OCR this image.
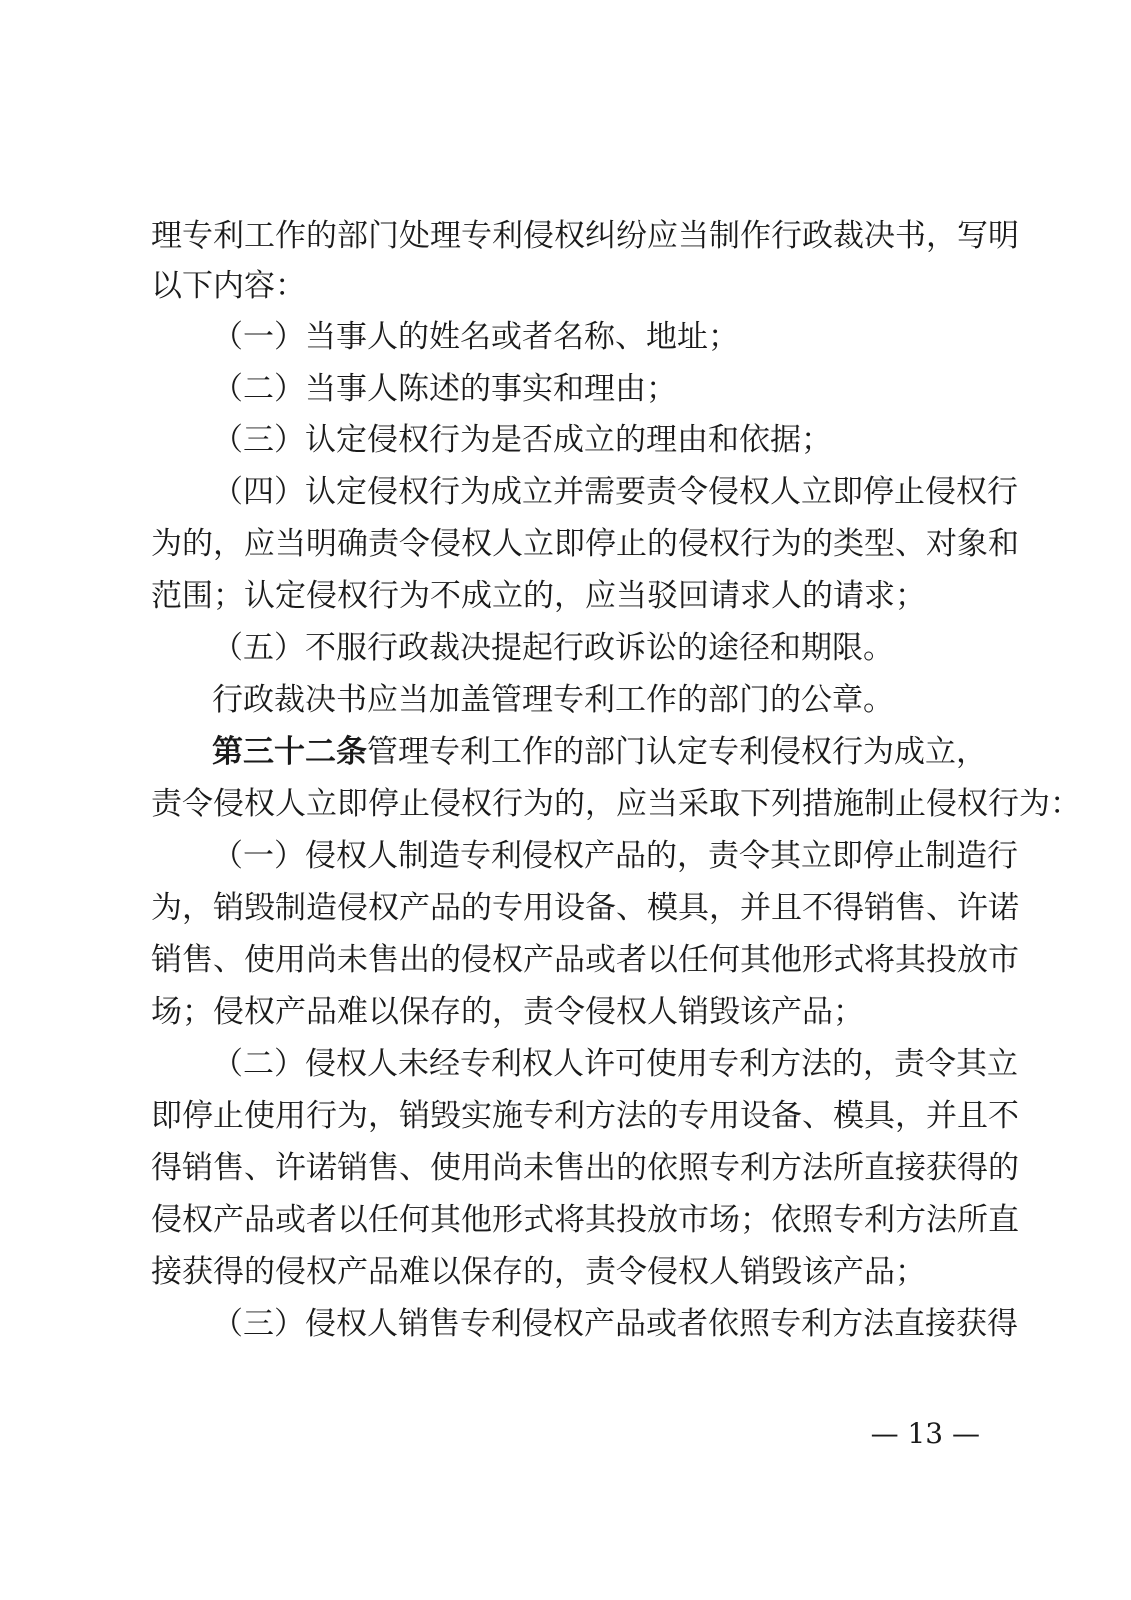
理专利工作的部门处理专利侵权纠纷应当制作行政裁决书，写明
以下内容：
（一）当事人的姓名或者名称、地址；
（二）当事人陈述的事实和理由；
（三）认定侵权行为是否成立的理由和依据；
（四）认定侵权行为成立并需要责令侵权人立即停止侵权行
为的，应当明确责令侵权人立即停止的侵权行为的类型、对象和
范围；认定侵权行为不成立的，应当驳回请求人的请求；
（五）不服行政裁决提起行政诉讼的途径和期限。
行政裁决书应当加盖管理专利工作的部门的公章。
第三十二条 管理专利工作的部门认定专利侵权行为成立，
责令侵权人立即停止侵权行为的，应当采取下列措施制止侵权行为：
（一）侵权人制造专利侵权产品的，责令其立即停止制造行
为，销毁制造侵权产品的专用设备、模具，并且不得销售、许诺
销售、使用尚未售出的侵权产品或者以任何其他形式将其投放市
场；侵权产品难以保存的，责令侵权人销毁该产品；
（二）侵权人未经专利权人许可使用专利方法的，责令其立
即停止使用行为，销毁实施专利方法的专用设备、模具，并且不
得销售、许诺销售、使用尚未售出的依照专利方法所直接获得的
侵权产品或者以任何其他形式将其投放市场；依照专利方法所直
接获得的侵权产品难以保存的，责令侵权人销毁该产品；
（三）侵权人销售专利侵权产品或者依照专利方法直接获得
— 13 —
